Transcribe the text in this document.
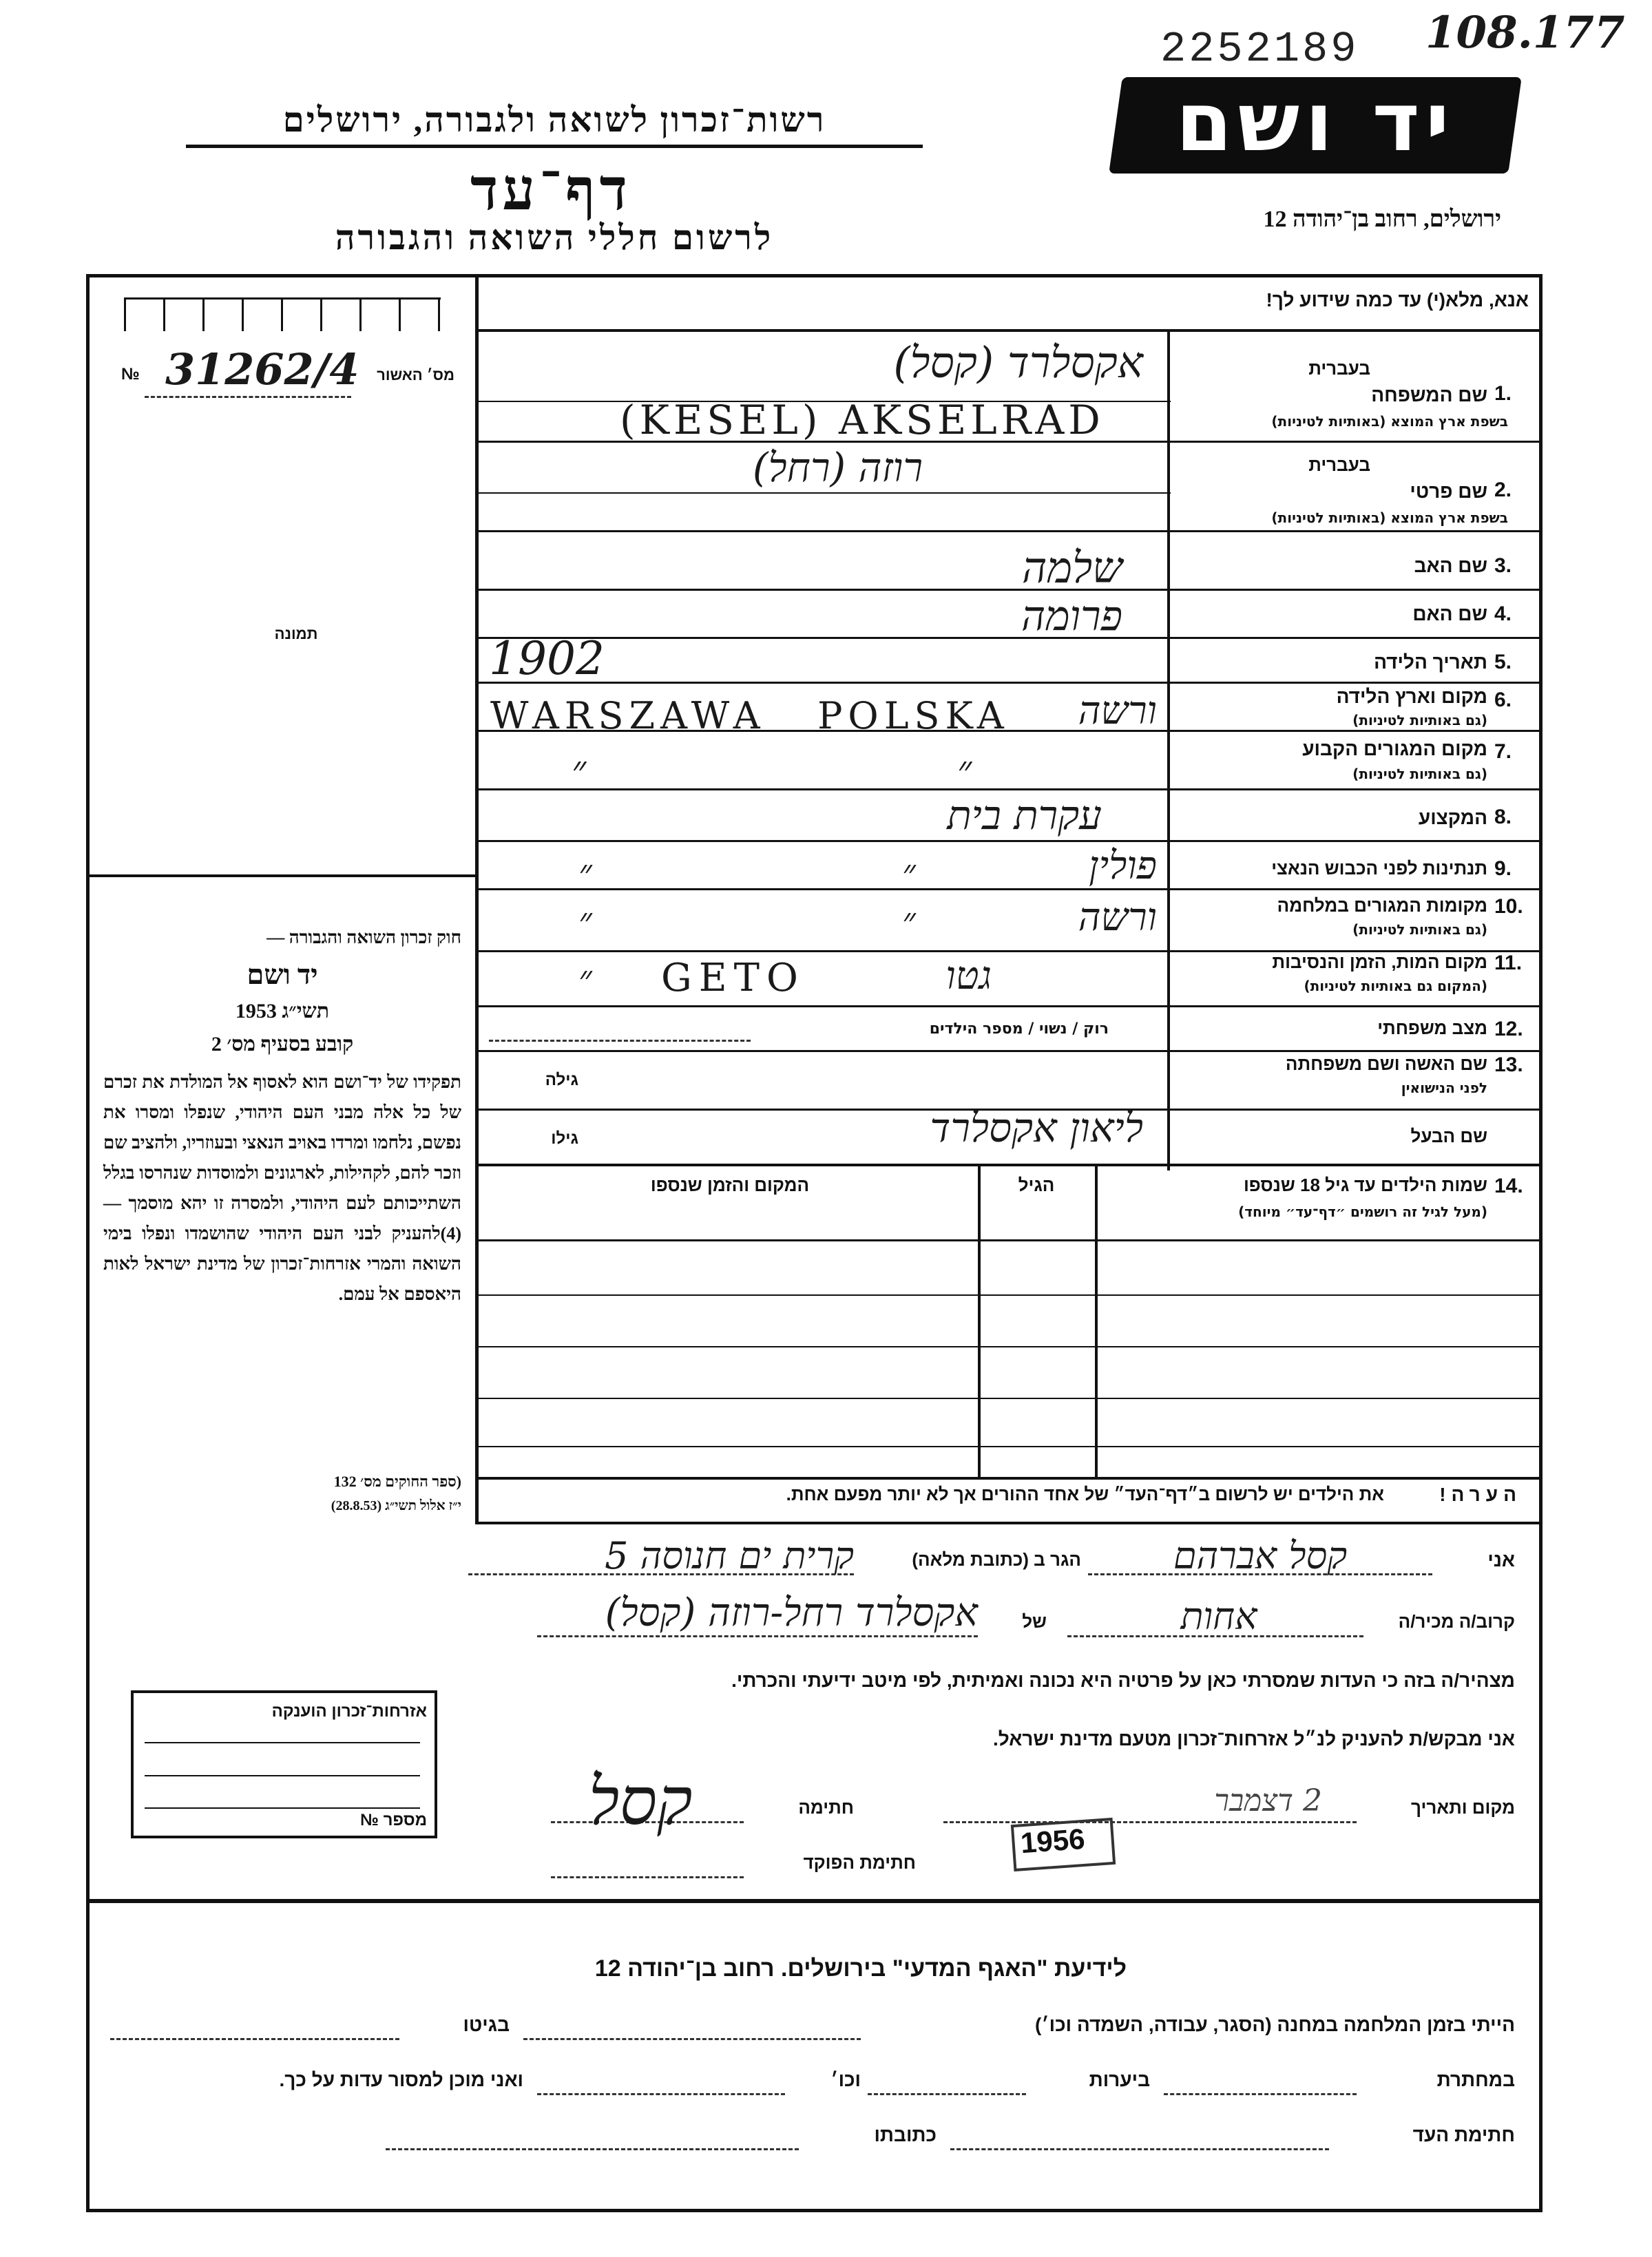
2252189 108.177
רשות־זכרון לשואה ולגבורה, ירושלים	יד ושם
דף־עד
לרשום חללי השואה והגבורה	ירושלים, רחוב בן־יהודה 12
אנא, מלא(י) עד כמה שידוע לך!
מס׳ האשור
31262/4
№
תמונה
חוק זכרון השואה והגבורה —
יד ושם
תשי״ג 1953
קובע בסעיף מס׳ 2
תפקידו של יד־ושם הוא לאסוף אל המולדת את זכרם של כל אלה מבני העם היהודי, שנפלו ומסרו את נפשם, נלחמו ומרדו באויב הנאצי ובעוזריו, ולהציב שם וזכר להם, לקהילות, לארגונים ולמוסדות שנהרסו בגלל השתייכותם לעם היהודי, ולמסרה זו יהא מוסמך — (4)להעניק לבני העם היהודי שהושמדו ונפלו בימי השואה והמרי אזרחות־זכרון של מדינת ישראל לאות היאספם אל עמם.
(ספר החוקים מס׳ 132
י״ז אלול תשי״ג (28.8.53)
1.
בעברית
שם המשפחה
בשפת ארץ המוצא (באותיות לטיניות)
אקסלרד (קסל)
(KESEL) AKSELRAD
2.
בעברית
שם פרטי
בשפת ארץ המוצא (באותיות לטיניות)
רוזה (רחל)
3.
שם האב
שלמה
4.
שם האם
פרומה
5.
תאריך הלידה
1902
6.
מקום וארץ הלידה
(גם באותיות לטיניות)
WARSZAWA   POLSKA	ורשה
7.
מקום המגורים הקבוע
(גם באותיות לטיניות)
״	״
8.
המקצוע
עקרת בית
9.
תנתינות לפני הכבוש הנאצי
״	״	פולין
10.
מקומות המגורים במלחמה
(גם באותיות לטיניות)
״	״	ורשה
11.
מקום המות, הזמן והנסיבות
(המקום גם באותיות לטיניות)
״ GETO	גטו
12.
מצב משפחתי
רוק / נשוי / מספר הילדים
13.
שם האשה ושם משפחתה
לפני הנישואין
גילה
שם הבעל
ליאון אקסלרד
גילו
14.
שמות הילדים עד גיל 18 שנספו
(מעל לגיל זה רושמים ״דף־עד״ מיוחד)
הגיל
המקום והזמן שנספו
הערה!
את הילדים יש לרשום ב״דף־העד״ של אחד ההורים אך לא יותר מפעם אחת.
אני
קסל אברהם
הגר ב (כתובת מלאה)
קרית ים חנוסה 5
קרוב/ה מכיר/ה
אחות
של
אקסלרד רחל-רוזה (קסל)
מצהיר/ה בזה כי העדות שמסרתי כאן על פרטיה היא נכונה ואמיתית, לפי מיטב ידיעתי והכרתי.
אני מבקש/ת להעניק לנ״ל אזרחות־זכרון מטעם מדינת ישראל.
מקום ותאריך
2 דצמבר
1956
חתימה
קסל
חתימת הפוקד
אזרחות־זכרון הוענקה
מספר №
לידיעת "האגף המדעי" בירושלים. רחוב בן־יהודה 12
הייתי בזמן המלחמה במחנה (הסגר, עבודה, השמדה וכו׳)
בגיטו
במחתרת
ביערות
וכו׳
ואני מוכן למסור עדות על כך.
חתימת העד
כתובתו
